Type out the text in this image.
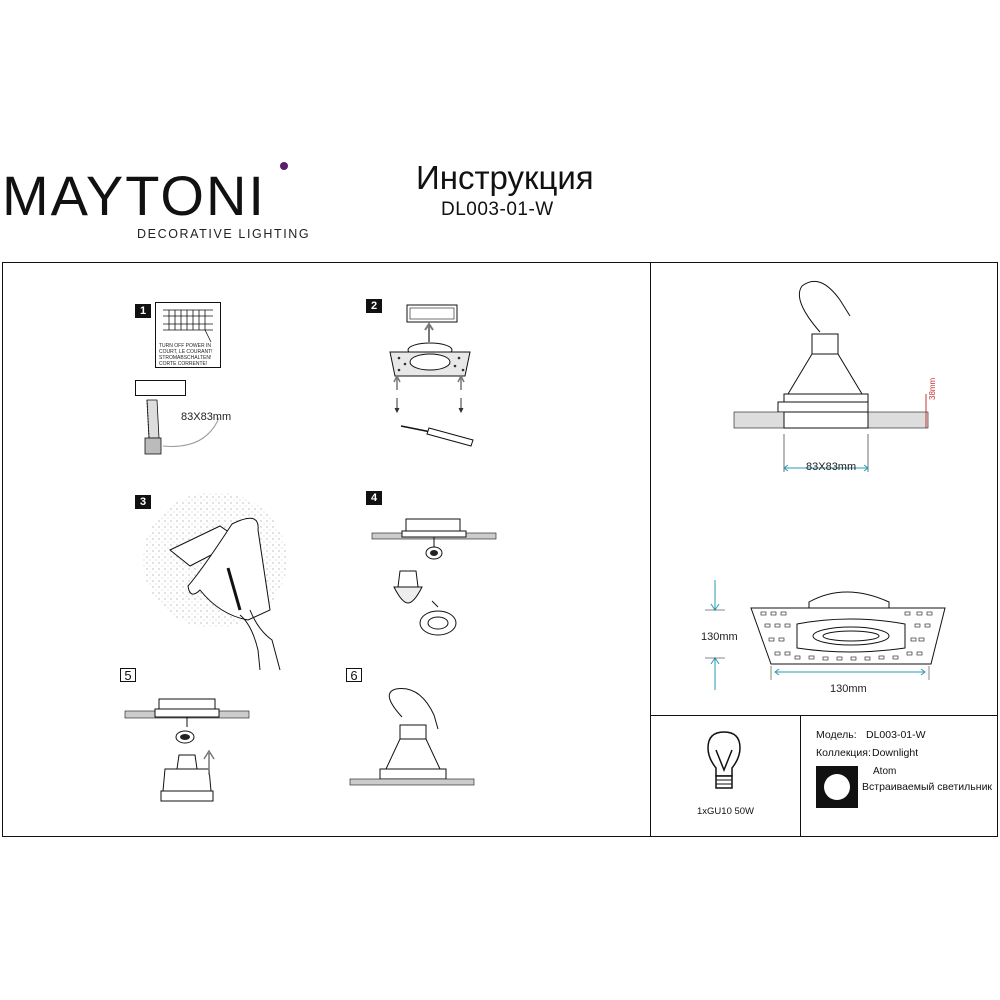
MAYTONI
DECORATIVE LIGHTING
Инструкция
DL003-01-W
1
TURN OFF POWER IN COURT, LE COURANT! STROMABSCHALTEN! CORTE CORRENTE!
83X83mm
2
3	4
5	6
38mm
83X83mm
130mm
130mm
1xGU10 50W
Модель: DL003-01-W
Коллекция: Downlight
Atom
Встраиваемый светильник
